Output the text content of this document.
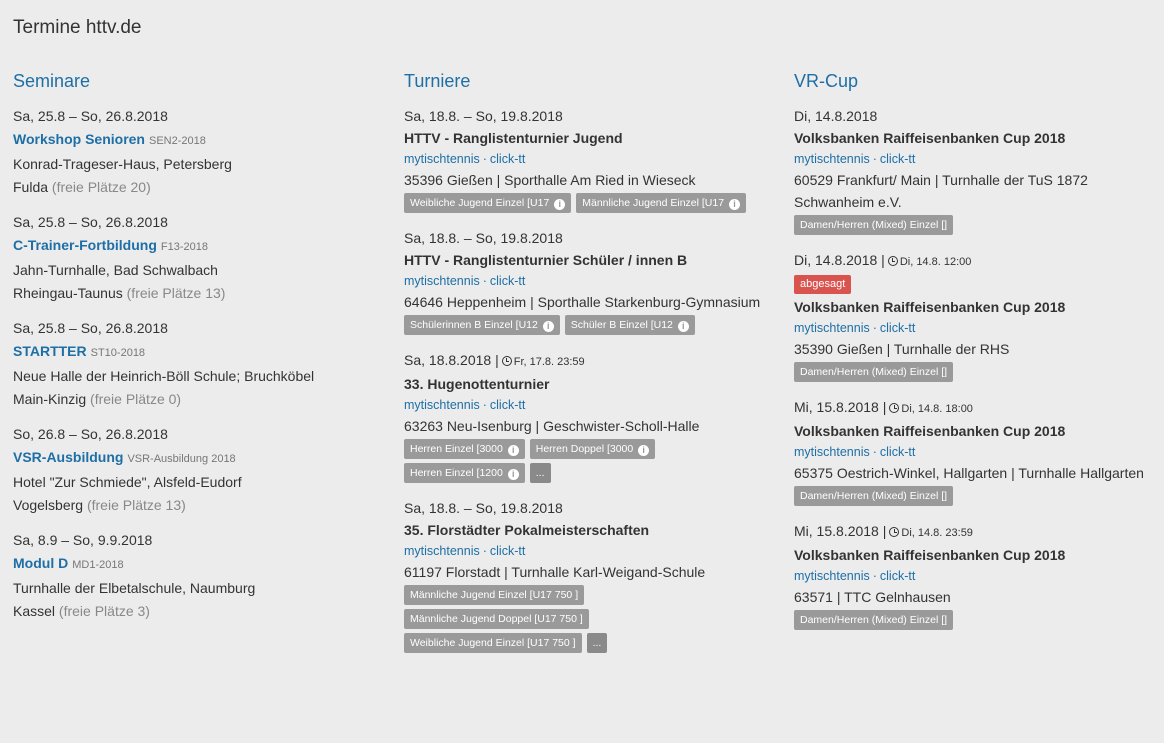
Termine httv.de
Seminare
Sa, 25.8 – So, 26.8.2018
Workshop Senioren SEN2-2018
Konrad-Trageser-Haus, Petersberg
Fulda (freie Plätze 20)
Sa, 25.8 – So, 26.8.2018
C-Trainer-Fortbildung F13-2018
Jahn-Turnhalle, Bad Schwalbach
Rheingau-Taunus (freie Plätze 13)
Sa, 25.8 – So, 26.8.2018
STARTTER ST10-2018
Neue Halle der Heinrich-Böll Schule; Bruchköbel
Main-Kinzig (freie Plätze 0)
So, 26.8 – So, 26.8.2018
VSR-Ausbildung VSR-Ausbildung 2018
Hotel "Zur Schmiede", Alsfeld-Eudorf
Vogelsberg (freie Plätze 13)
Sa, 8.9 – So, 9.9.2018
Modul D MD1-2018
Turnhalle der Elbetalschule, Naumburg
Kassel (freie Plätze 3)
Turniere
Sa, 18.8. – So, 19.8.2018
HTTV - Ranglistenturnier Jugend
mytischtennis · click-tt
35396 Gießen | Sporthalle Am Ried in Wieseck
Weibliche Jugend Einzel [U17 i Männliche Jugend Einzel [U17 i
Sa, 18.8. – So, 19.8.2018
HTTV - Ranglistenturnier Schüler / innen B
mytischtennis · click-tt
64646 Heppenheim | Sporthalle Starkenburg-Gymnasium
Schülerinnen B Einzel [U12 i Schüler B Einzel [U12 i
Sa, 18.8.2018 | Fr, 17.8. 23:59
33. Hugenottenturnier
mytischtennis · click-tt
63263 Neu-Isenburg | Geschwister-Scholl-Halle
Herren Einzel [3000 i Herren Doppel [3000 iHerren Einzel [1200 i ...
Sa, 18.8. – So, 19.8.2018
35. Florstädter Pokalmeisterschaften
mytischtennis · click-tt
61197 Florstadt | Turnhalle Karl-Weigand-Schule
Männliche Jugend Einzel [U17 750 ]Männliche Jugend Doppel [U17 750 ]Weibliche Jugend Einzel [U17 750 ]...
VR-Cup
Di, 14.8.2018
Volksbanken Raiffeisenbanken Cup 2018
mytischtennis · click-tt
60529 Frankfurt/ Main | Turnhalle der TuS 1872 Schwanheim e.V.
Damen/Herren (Mixed) Einzel []
Di, 14.8.2018 | Di, 14.8. 12:00
abgesagt
Volksbanken Raiffeisenbanken Cup 2018
mytischtennis · click-tt
35390 Gießen | Turnhalle der RHS
Damen/Herren (Mixed) Einzel []
Mi, 15.8.2018 | Di, 14.8. 18:00
Volksbanken Raiffeisenbanken Cup 2018
mytischtennis · click-tt
65375 Oestrich-Winkel, Hallgarten | Turnhalle Hallgarten
Damen/Herren (Mixed) Einzel []
Mi, 15.8.2018 | Di, 14.8. 23:59
Volksbanken Raiffeisenbanken Cup 2018
mytischtennis · click-tt
63571 | TTC Gelnhausen
Damen/Herren (Mixed) Einzel []
